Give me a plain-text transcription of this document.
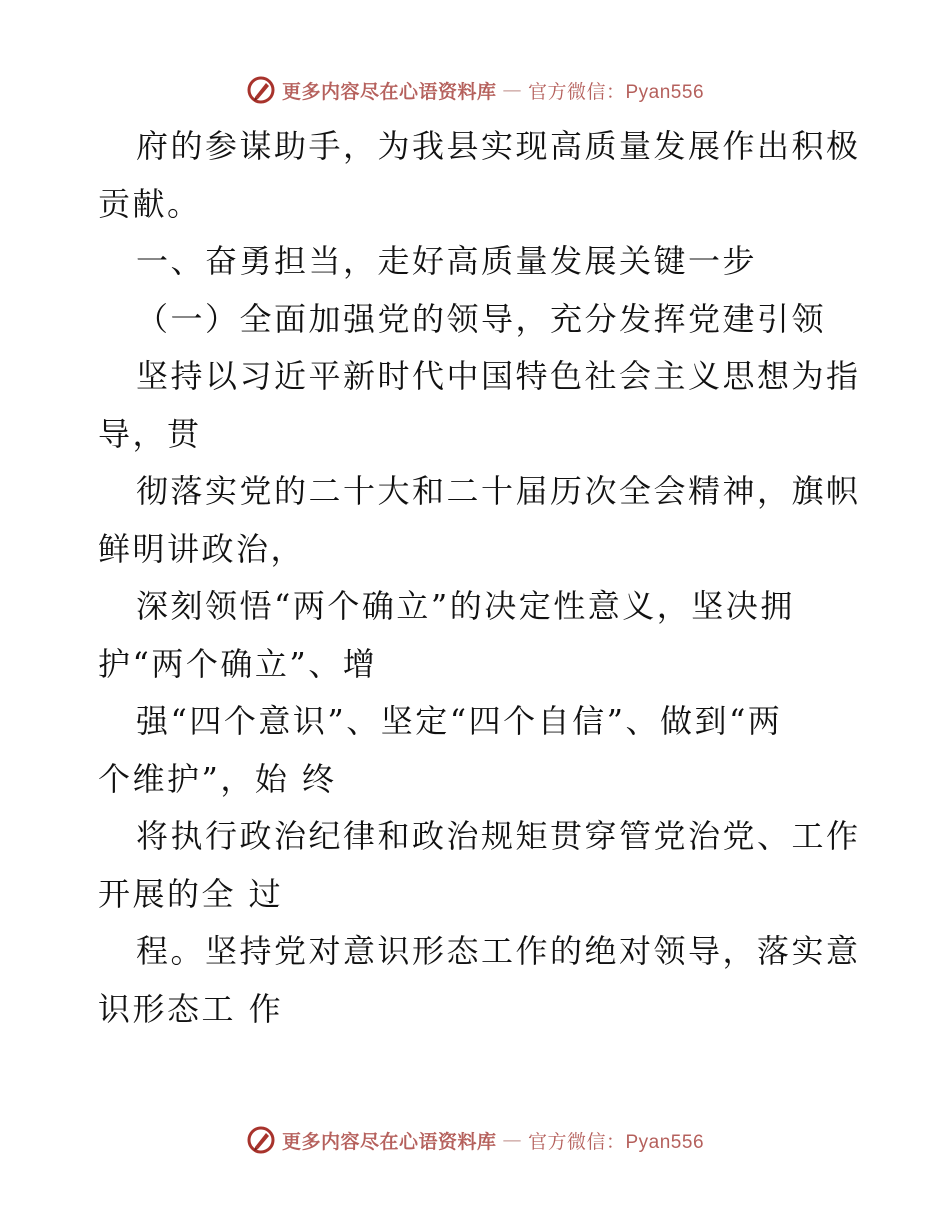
更多内容尽在心语资料库 — 官方微信：Pyan556
府的参谋助手，为我县实现高质量发展作出积极
贡献。
一、奋勇担当，走好高质量发展关键一步
（一）全面加强党的领导，充分发挥党建引领
坚持以习近平新时代中国特色社会主义思想为指
导，贯
彻落实党的二十大和二十届历次全会精神，旗帜
鲜明讲政治，
深刻领悟“两个确立”的决定性意义，坚决拥
护“两个确立”、增
强“四个意识”、坚定“四个自信”、做到“两
个维护”，始 终
将执行政治纪律和政治规矩贯穿管党治党、工作
开展的全 过
程。坚持党对意识形态工作的绝对领导，落实意
识形态工 作
更多内容尽在心语资料库 — 官方微信：Pyan556
